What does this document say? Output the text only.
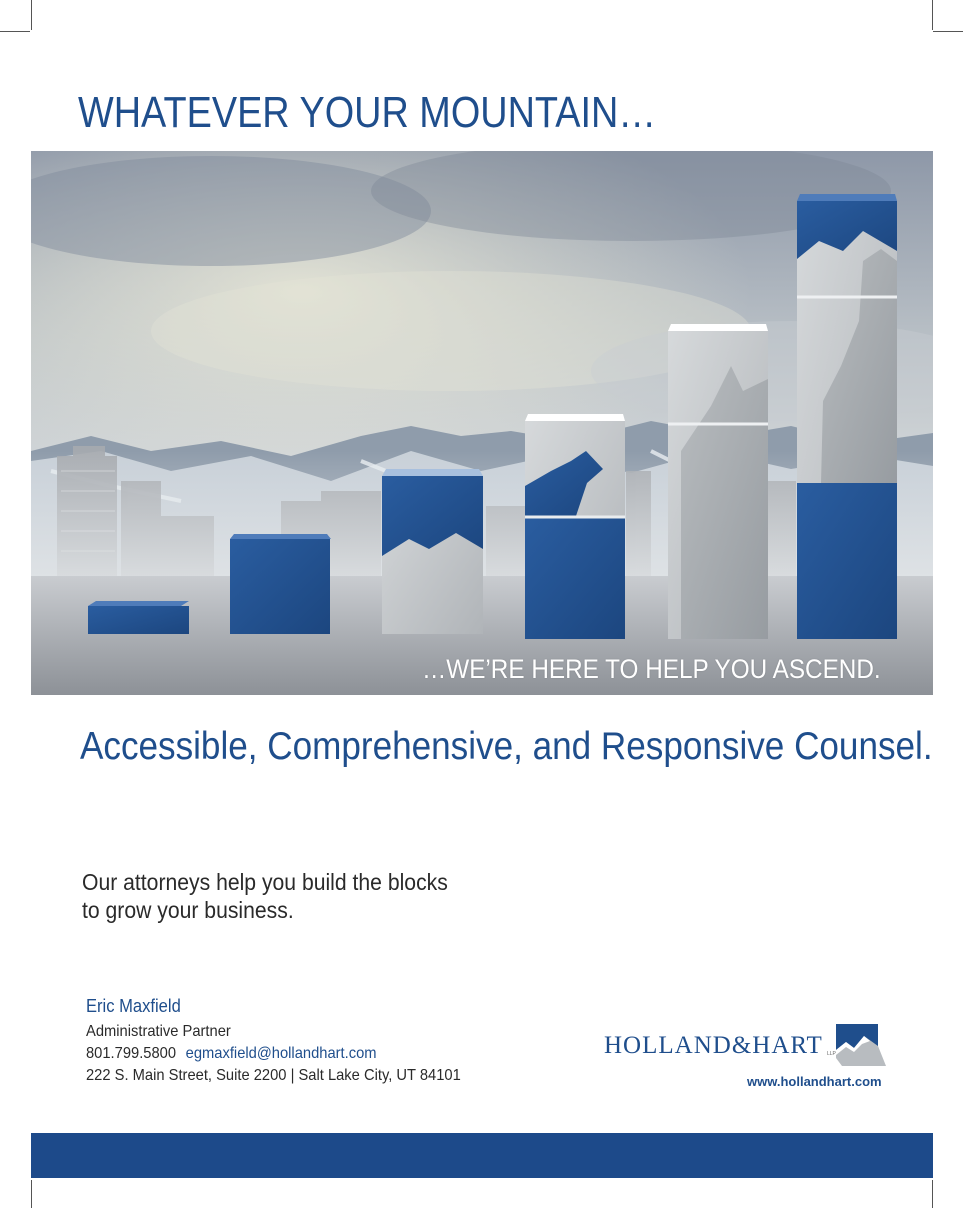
WHATEVER YOUR MOUNTAIN…

…WE’RE HERE TO HELP YOU ASCEND.

Accessible, Comprehensive, and Responsive Counsel.

Our attorneys help you build the blocks
to grow your business.

Eric Maxfield

Administrative Partner

801.799.5800 egmaxfield@hollandhart.com

222 S. Main Street, Suite 2200 | Salt Lake City, UT 84101

HOLLAND&HART LLP

www.hollandhart.com
